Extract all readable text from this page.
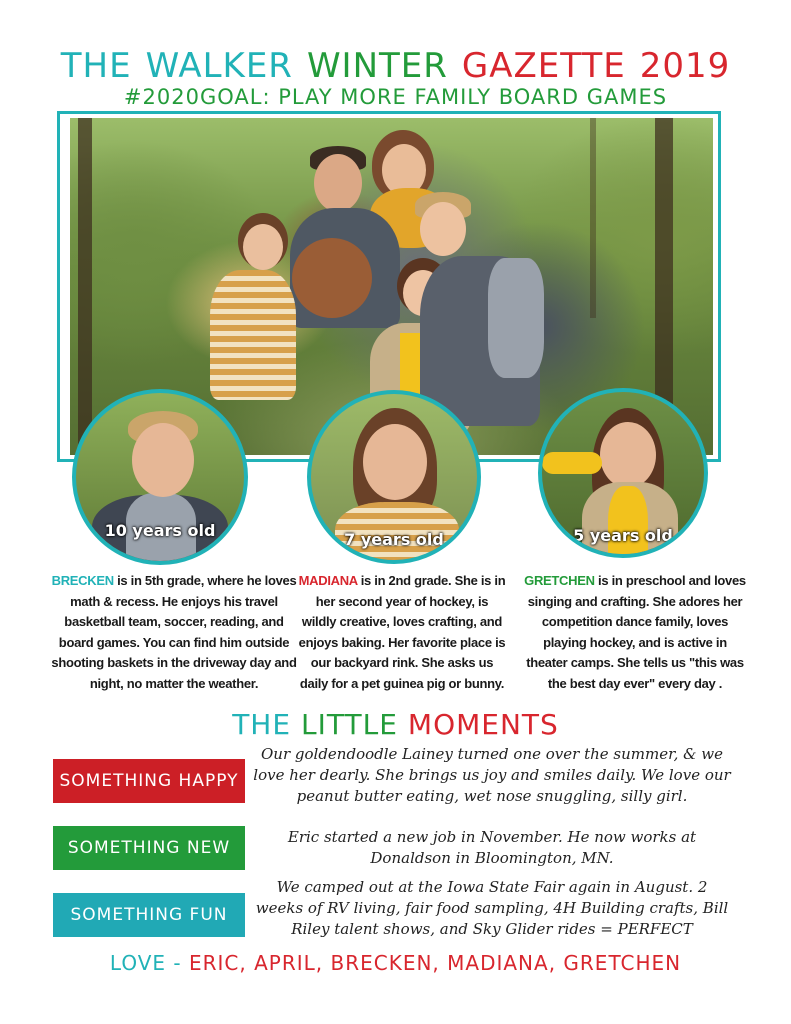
THE WALKER WINTER GAZETTE 2019
#2020GOAL: PLAY MORE FAMILY BOARD GAMES
10 years old	7 years old	5 years old
BRECKEN is in 5th grade, where he loves math & recess. He enjoys his travel basketball team, soccer, reading, and board games. You can find him outside shooting baskets in the driveway day and night, no matter the weather.
MADIANA is in 2nd grade. She is in her second year of hockey, is wildly creative, loves crafting, and enjoys baking. Her favorite place is our backyard rink. She asks us daily for a pet guinea pig or bunny.
GRETCHEN is in preschool and loves singing and crafting. She adores her competition dance family, loves playing hockey, and is active in theater camps. She tells us "this was the best day ever" every day .
THE LITTLE MOMENTS
SOMETHING HAPPY
Our goldendoodle Lainey turned one over the summer, & we love her dearly. She brings us joy and smiles daily. We love our peanut butter eating, wet nose snuggling, silly girl.
SOMETHING NEW
Eric started a new job in November. He now works at Donaldson in Bloomington, MN.
SOMETHING FUN
We camped out at the Iowa State Fair again in August. 2 weeks of RV living, fair food sampling, 4H Building crafts, Bill Riley talent shows, and Sky Glider rides = PERFECT
LOVE - ERIC, APRIL, BRECKEN, MADIANA, GRETCHEN
